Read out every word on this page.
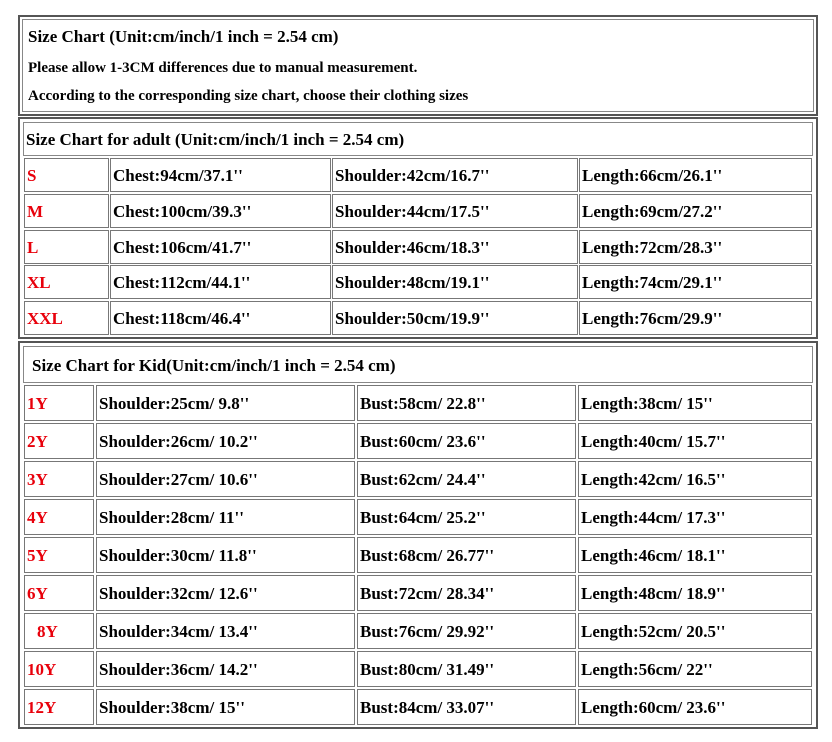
Size Chart (Unit:cm/inch/1 inch = 2.54 cm)
Please allow 1-3CM differences due to manual measurement.
According to the corresponding size chart, choose their clothing sizes
Size Chart for adult (Unit:cm/inch/1 inch = 2.54 cm)
S	Chest:94cm/37.1''	Shoulder:42cm/16.7''	Length:66cm/26.1''
M	Chest:100cm/39.3''	Shoulder:44cm/17.5''	Length:69cm/27.2''
L	Chest:106cm/41.7''	Shoulder:46cm/18.3''	Length:72cm/28.3''
XL	Chest:112cm/44.1''	Shoulder:48cm/19.1''	Length:74cm/29.1''
XXL	Chest:118cm/46.4''	Shoulder:50cm/19.9''	Length:76cm/29.9''
Size Chart for Kid(Unit:cm/inch/1 inch = 2.54 cm)
1Y	Shoulder:25cm/ 9.8''	Bust:58cm/ 22.8''	Length:38cm/ 15''
2Y	Shoulder:26cm/ 10.2''	Bust:60cm/ 23.6''	Length:40cm/ 15.7''
3Y	Shoulder:27cm/ 10.6''	Bust:62cm/ 24.4''	Length:42cm/ 16.5''
4Y	Shoulder:28cm/ 11''	Bust:64cm/ 25.2''	Length:44cm/ 17.3''
5Y	Shoulder:30cm/ 11.8''	Bust:68cm/ 26.77''	Length:46cm/ 18.1''
6Y	Shoulder:32cm/ 12.6''	Bust:72cm/ 28.34''	Length:48cm/ 18.9''
8Y	Shoulder:34cm/ 13.4''	Bust:76cm/ 29.92''	Length:52cm/ 20.5''
10Y	Shoulder:36cm/ 14.2''	Bust:80cm/ 31.49''	Length:56cm/ 22''
12Y	Shoulder:38cm/ 15''	Bust:84cm/ 33.07''	Length:60cm/ 23.6''
